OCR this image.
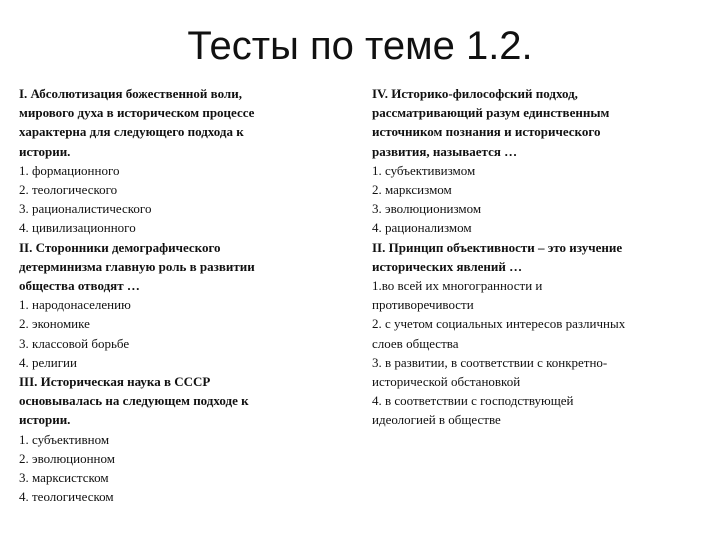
Тесты по теме 1.2.
I. Абсолютизация божественной воли,
мирового духа в историческом процессе
характерна для следующего подхода к
истории.
1. формационного
2. теологического
3. рационалистического
4. цивилизационного
II. Сторонники демографического
детерминизма главную роль в развитии
общества отводят …
1. народонаселению
2. экономике
3. классовой борьбе
4. религии
III. Историческая наука в СССР
основывалась на следующем подходе к
истории.
1. субъективном
2. эволюционном
3. марксистском
4. теологическом
IV. Историко-философский подход,
рассматривающий разум единственным
источником познания и исторического
развития, называется …
1. субъективизмом
2. марксизмом
3. эволюционизмом
4. рационализмом
II. Принцип объективности – это изучение
исторических явлений …
1.во всей их многогранности и
противоречивости
2. с учетом социальных интересов различных
слоев общества
3. в развитии, в соответствии с конкретно-
исторической обстановкой
4. в соответствии с господствующей
идеологией в обществе
